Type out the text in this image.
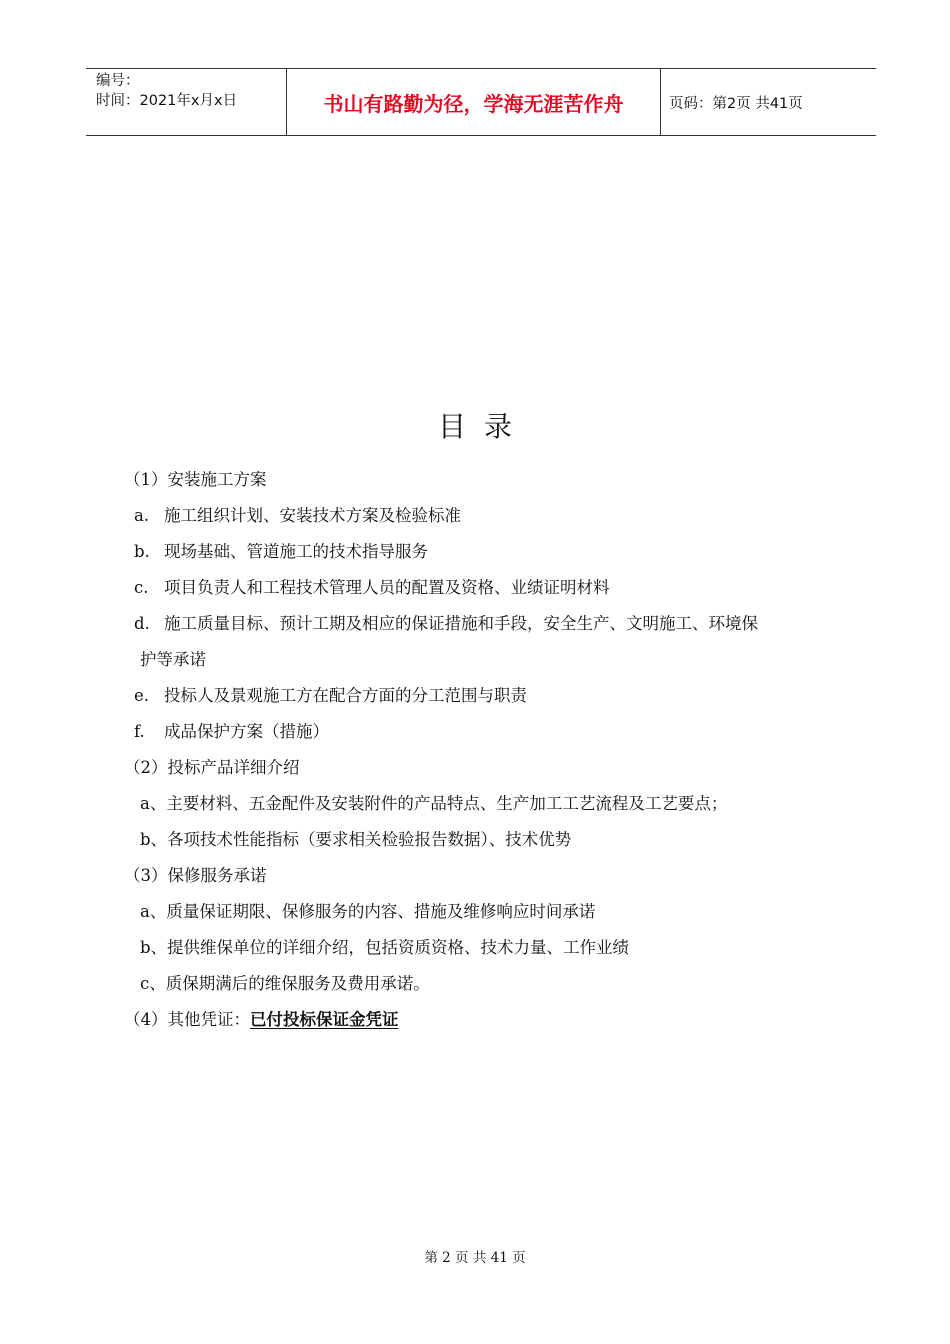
编号：
时间：2021年x月x日	书山有路勤为径，学海无涯苦作舟	页码：第2页 共41页
目录
（1）安装施工方案
a. 施工组织计划、安装技术方案及检验标准
b. 现场基础、管道施工的技术指导服务
c. 项目负责人和工程技术管理人员的配置及资格、业绩证明材料
d. 施工质量目标、预计工期及相应的保证措施和手段，安全生产、文明施工、环境保
护等承诺
e. 投标人及景观施工方在配合方面的分工范围与职责
f. 成品保护方案（措施）
（2）投标产品详细介绍
a、主要材料、五金配件及安装附件的产品特点、生产加工工艺流程及工艺要点；
b、各项技术性能指标（要求相关检验报告数据）、技术优势
（3）保修服务承诺
a、质量保证期限、保修服务的内容、措施及维修响应时间承诺
b、提供维保单位的详细介绍，包括资质资格、技术力量、工作业绩
c、质保期满后的维保服务及费用承诺。
（4）其他凭证：已付投标保证金凭证
第 2 页 共 41 页
